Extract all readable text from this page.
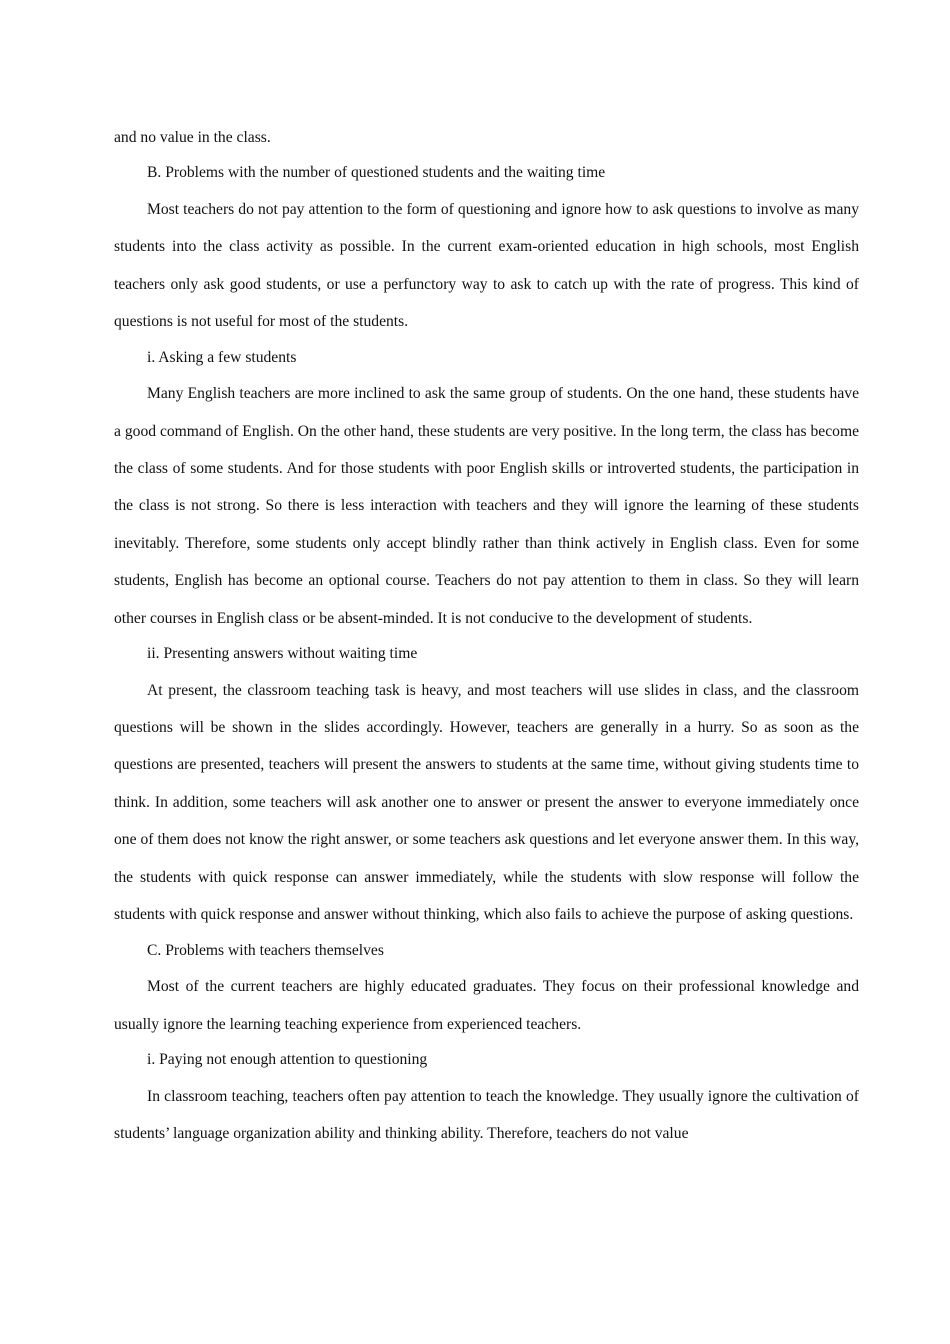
and no value in the class.

B. Problems with the number of questioned students and the waiting time

Most teachers do not pay attention to the form of questioning and ignore how to ask questions to involve as many students into the class activity as possible. In the current exam-oriented education in high schools, most English teachers only ask good students, or use a perfunctory way to ask to catch up with the rate of progress. This kind of questions is not useful for most of the students.

i. Asking a few students

Many English teachers are more inclined to ask the same group of students. On the one hand, these students have a good command of English. On the other hand, these students are very positive. In the long term, the class has become the class of some students. And for those students with poor English skills or introverted students, the participation in the class is not strong. So there is less interaction with teachers and they will ignore the learning of these students inevitably. Therefore, some students only accept blindly rather than think actively in English class. Even for some students, English has become an optional course. Teachers do not pay attention to them in class. So they will learn other courses in English class or be absent-minded. It is not conducive to the development of students.

ii. Presenting answers without waiting time

At present, the classroom teaching task is heavy, and most teachers will use slides in class, and the classroom questions will be shown in the slides accordingly. However, teachers are generally in a hurry. So as soon as the questions are presented, teachers will present the answers to students at the same time, without giving students time to think. In addition, some teachers will ask another one to answer or present the answer to everyone immediately once one of them does not know the right answer, or some teachers ask questions and let everyone answer them. In this way, the students with quick response can answer immediately, while the students with slow response will follow the students with quick response and answer without thinking, which also fails to achieve the purpose of asking questions.

C. Problems with teachers themselves

Most of the current teachers are highly educated graduates. They focus on their professional knowledge and usually ignore the learning teaching experience from experienced teachers.

i. Paying not enough attention to questioning

In classroom teaching, teachers often pay attention to teach the knowledge. They usually ignore the cultivation of students’ language organization ability and thinking ability. Therefore, teachers do not value
